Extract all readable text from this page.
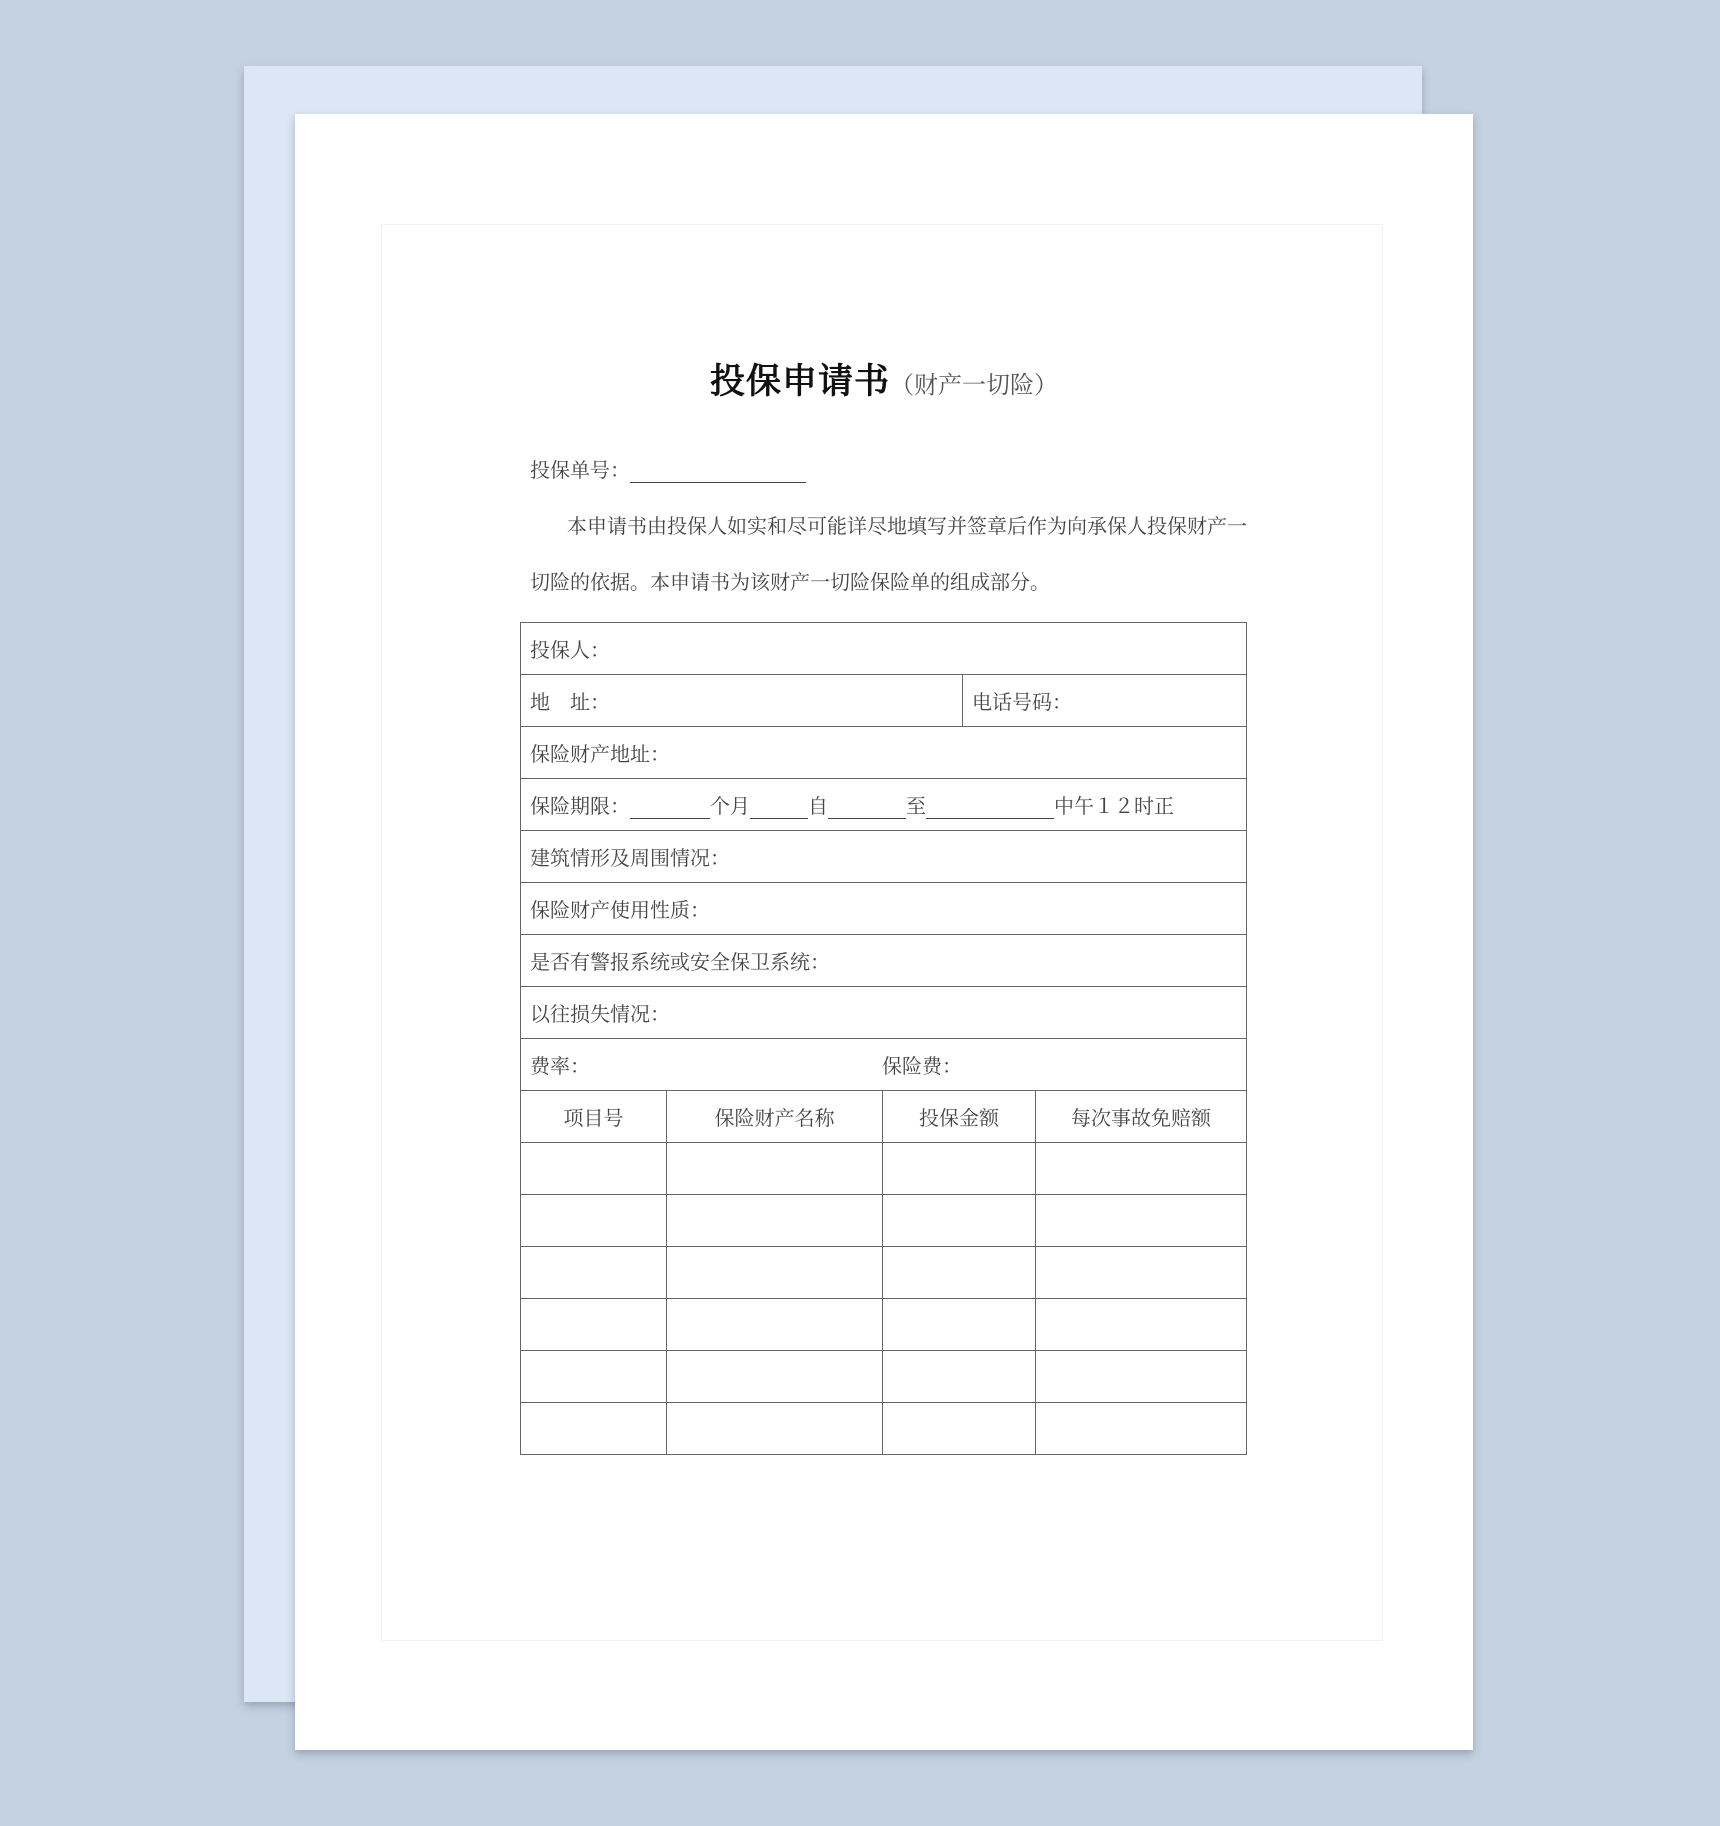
投保申请书（财产一切险）
投保单号：
本申请书由投保人如实和尽可能详尽地填写并签章后作为向承保人投保财产一
切险的依据。本申请书为该财产一切险保险单的组成部分。
投保人：				
地　址：			电话号码：	
保险财产地址：				
保险期限： 个月 自 至 中午１２时正				
建筑情形及周围情况：				
保险财产使用性质：				
是否有警报系统或安全保卫系统：				
以往损失情况：				
费率： 保险费：				
项目号	保险财产名称	投保金额		每次事故免赔额
